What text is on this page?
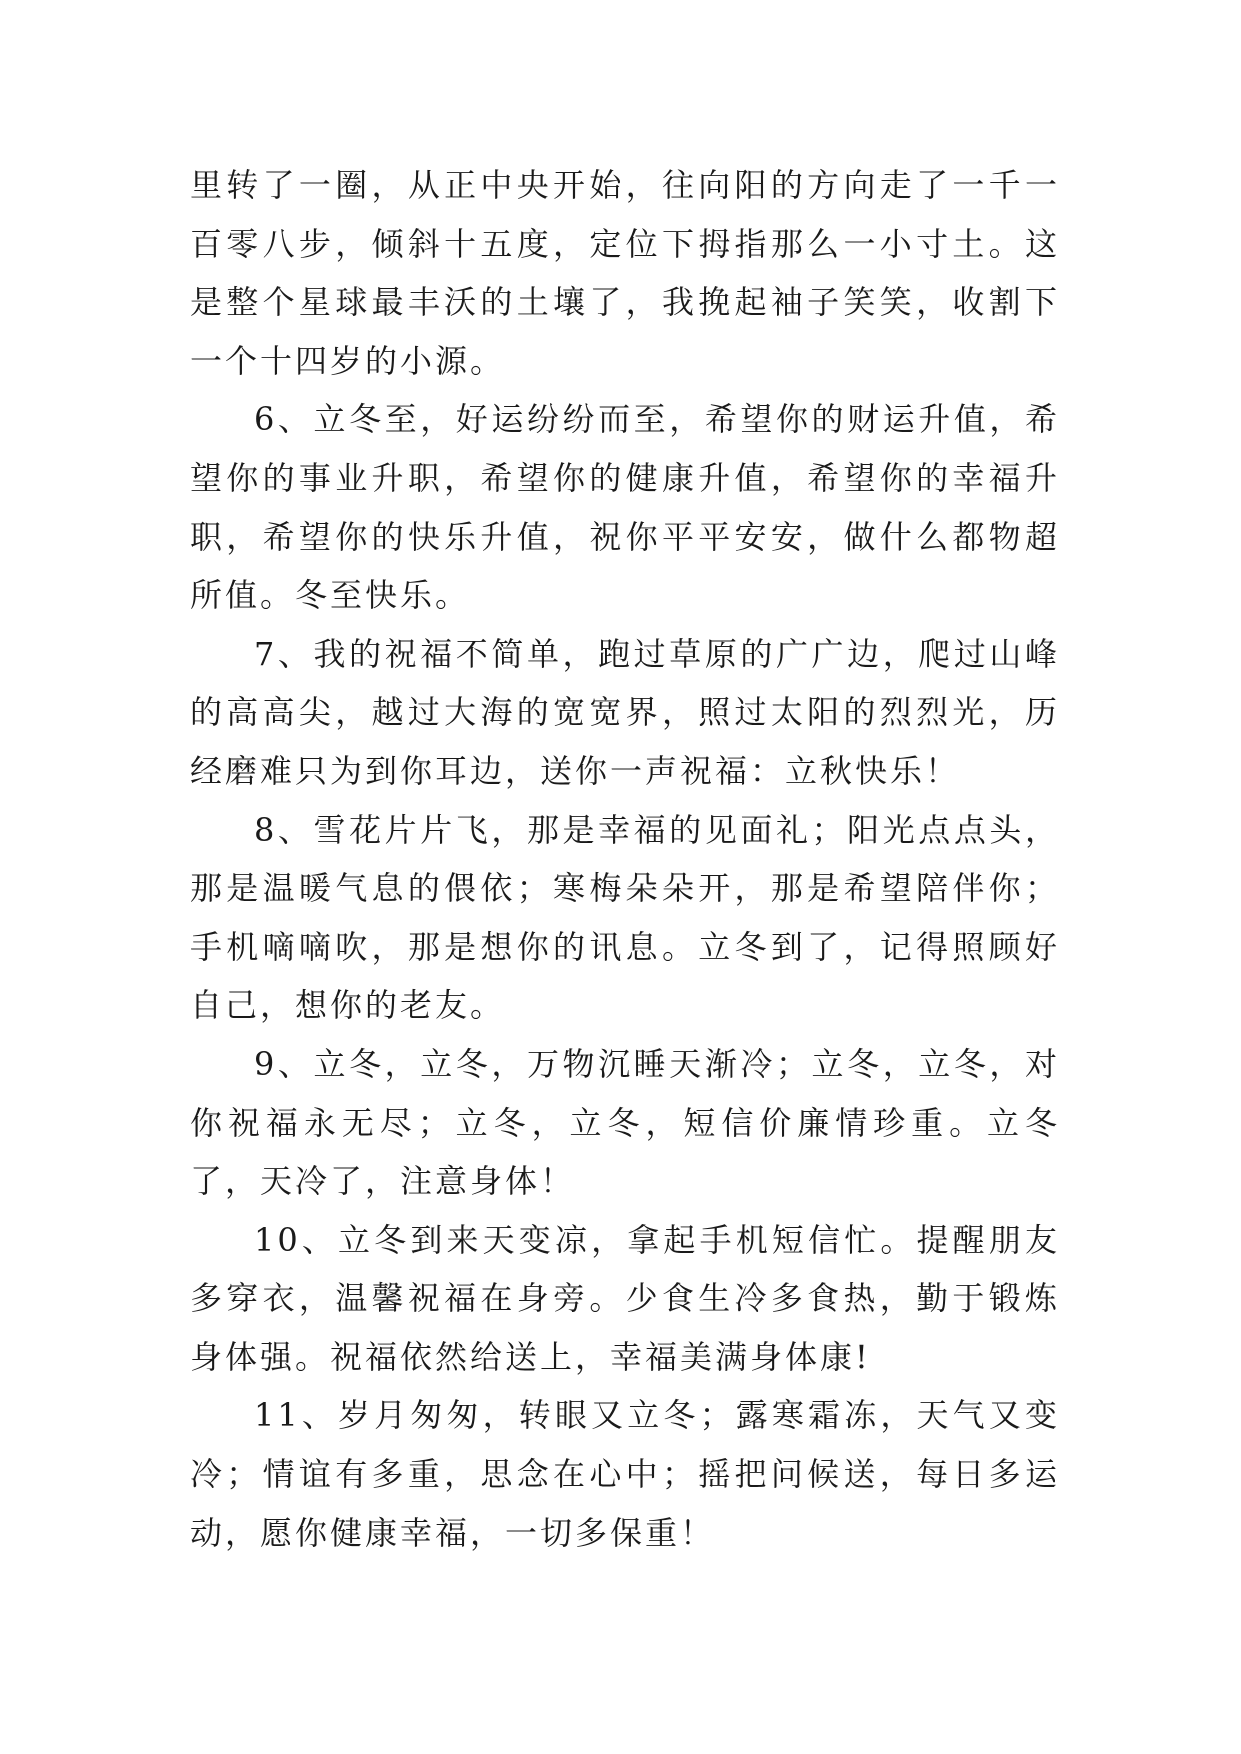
里转了一圈，从正中央开始，往向阳的方向走了一千一百零八步，倾斜十五度，定位下拇指那么一小寸土。这是整个星球最丰沃的土壤了，我挽起袖子笑笑，收割下一个十四岁的小源。

6、立冬至，好运纷纷而至，希望你的财运升值，希望你的事业升职，希望你的健康升值，希望你的幸福升职，希望你的快乐升值，祝你平平安安，做什么都物超所值。冬至快乐。

7、我的祝福不简单，跑过草原的广广边，爬过山峰的高高尖，越过大海的宽宽界，照过太阳的烈烈光，历经磨难只为到你耳边，送你一声祝福：立秋快乐！

8、雪花片片飞，那是幸福的见面礼；阳光点点头，那是温暖气息的偎依；寒梅朵朵开，那是希望陪伴你；手机嘀嘀吹，那是想你的讯息。立冬到了，记得照顾好自己，想你的老友。

9、立冬，立冬，万物沉睡天渐冷；立冬，立冬，对你祝福永无尽；立冬，立冬，短信价廉情珍重。立冬了，天冷了，注意身体！

10、立冬到来天变凉，拿起手机短信忙。提醒朋友多穿衣，温馨祝福在身旁。少食生冷多食热，勤于锻炼身体强。祝福依然给送上，幸福美满身体康!

11、岁月匆匆，转眼又立冬；露寒霜冻，天气又变冷；情谊有多重，思念在心中；摇把问候送，每日多运动，愿你健康幸福，一切多保重！
